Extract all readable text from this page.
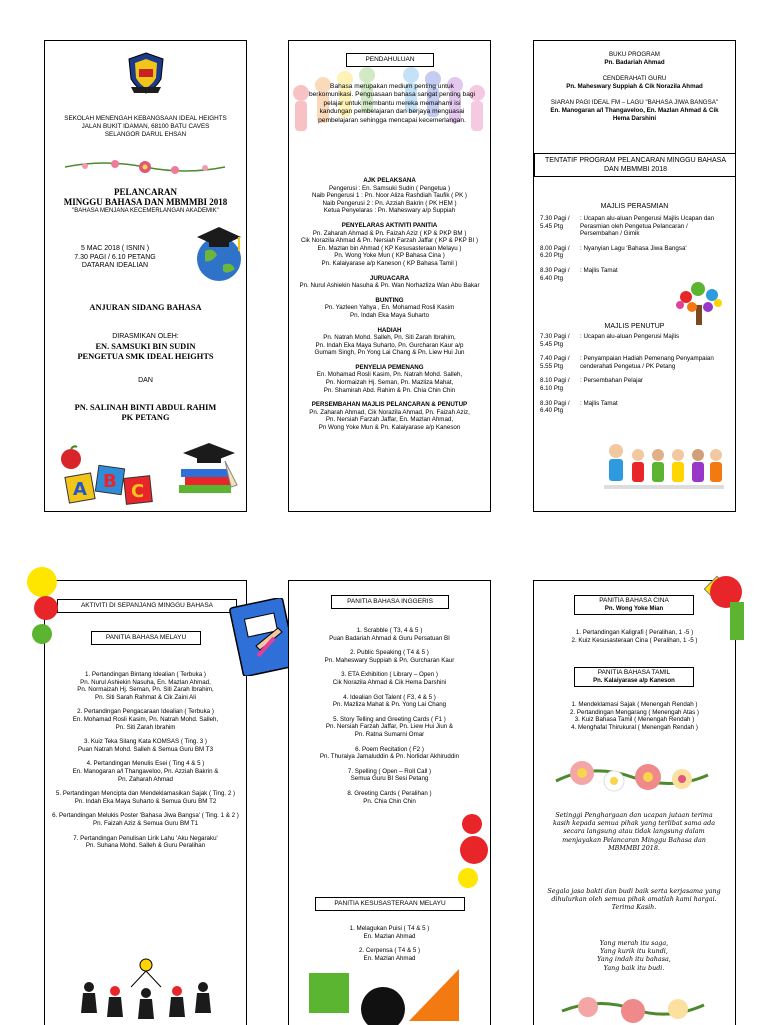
SEKOLAH MENENGAH KEBANGSAAN IDEAL HEIGHTS
JALAN BUKIT IDAMAN, 68100 BATU CAVES
SELANGOR DARUL EHSAN
PELANCARAN
MINGGU BAHASA DAN MBMMBI 2018
"BAHASA MENJANA KECEMERLANGAN AKADEMIK"
5 MAC 2018 ( ISNIN )
7.30 PAGI / 6.10 PETANG
DATARAN IDEALIAN
ANJURAN SIDANG BAHASA
DIRASMIKAN OLEH:
EN. SAMSUKI BIN SUDIN
PENGETUA SMK IDEAL HEIGHTS
DAN
PN. SALINAH BINTI ABDUL RAHIM
PK PETANG
A B C
PENDAHULUAN
Bahasa merupakan medium penting untuk berkomunikasi. Penguasaan bahasa sangat penting bagi pelajar untuk membantu mereka memahami isi kandungan pembelajaran dan berjaya menguasai pembelajaran sehingga mencapai kecemerlangan.
AJK PELAKSANA
Pengerusi : En. Samsuki Sudin ( Pengetua )
Naib Pengerusi 1 : Pn. Noor Aliza Rashdiah Taufik ( PK )
Naib Pengerusi 2 : Pn. Azziah Bakrin ( PK HEM )
Ketua Penyelaras : Pn. Maheswary a/p Suppiah
PENYELARAS AKTIVITI PANITIA
Pn. Zaharah Ahmad & Pn. Faizah Aziz ( KP & PKP BM )
Cik Norazila Ahmad & Pn. Nersiah Farzah Jaffar ( KP & PKP BI )
En. Mazlan bin Ahmad ( KP Kesusasteraan Melayu )
Pn. Wong Yoke Mun ( KP Bahasa Cina )
Pn. Kalaiyarase a/p Kaneson ( KP Bahasa Tamil )
JURUACARA
Pn. Nurul Ashiekin Nasuha & Pn. Wan Norhazliza Wan Abu Bakar
BUNTING
Pn. Yazleen Yahya , En. Mohamad Rosli Kasim
Pn. Indah Eka Maya Suharto
HADIAH
Pn. Natrah Mohd. Salleh, Pn. Siti Zarah Ibrahim,
Pn. Indah Eka Maya Suharto, Pn. Gurcharan Kaur a/p
Gumam Singh, Pn Yong Lai Chang & Pn. Liew Hui Jun
PENYELIA PEMENANG
En. Mohamad Rosli Kasim, Pn. Natrah Mohd. Salleh,
Pn. Normaizah Hj. Seman, Pn. Mazliza Mahat,
Pn. Shamirah Abd. Rahim & Pn. Chia Chin Chin
PERSEMBAHAN MAJLIS PELANCARAN & PENUTUP
Pn. Zaharah Ahmad, Cik Norazila Ahmad, Pn. Faizah Aziz,
Pn. Nersiah Farzah Jaffar, En. Mazlan Ahmad,
Pn Wong Yoke Mun & Pn. Kalaiyarase a/p Kaneson
BUKU PROGRAM
Pn. Badariah Ahmad
CENDERAHATI GURU
Pn. Maheswary Suppiah & Cik Norazila Ahmad
SIARAN PAGI IDEAL FM – LAGU "BAHASA JIWA BANGSA"
En. Manogaran a/l Thangaveloo, En. Mazlan Ahmad & Cik Hema Darshini
TENTATIF PROGRAM PELANCARAN MINGGU BAHASA DAN MBMMBI 2018
MAJLIS PERASMIAN
7.30 Pagi / 5.45 Ptg
: Ucapan alu-aluan Pengerusi Majlis Ucapan dan Perasmian oleh Pengetua Pelancaran / Persembahan / Gimik
8.00 Pagi / 6.20 Ptg
: Nyanyian Lagu 'Bahasa Jiwa Bangsa'
8.30 Pagi / 6.40 Ptg
: Majlis Tamat
MAJLIS PENUTUP
7.30 Pagi / 5.45 Ptg
: Ucapan alu-aluan Pengerusi Majlis
7.40 Pagi / 5.55 Ptg
: Penyampaian Hadiah Pemenang Penyampaian cenderahati Pengetua / PK Petang
8.10 Pagi / 6.10 Ptg
: Persembahan Pelajar
8.30 Pagi / 6.40 Ptg
: Majlis Tamat
AKTIVITI DI SEPANJANG MINGGU BAHASA
PANITIA BAHASA MELAYU
1. Pertandingan Bintang Idealian ( Terbuka )
Pn. Nurul Ashiekin Nasuha, En. Mazlan Ahmad,
Pn. Normaizah Hj. Seman, Pn. Siti Zarah Ibrahim,
Pn. Siti Sarah Rahmat & Cik Zaini Ali
2. Pertandingan Pengacaraan Idealian ( Terbuka )
En. Mohamad Rosli Kasim, Pn. Natrah Mohd. Salleh,
Pn. Siti Zarah Ibrahim
3. Kuiz Teka Silang Kata KOMSAS ( Ting. 3 )
Puan Natrah Mohd. Salleh & Semua Guru BM T3
4. Pertandingan Menulis Esei ( Ting 4 & 5 )
En. Manogaran a/l Thangaveloo, Pn. Azziah Bakrin &
Pn. Zaharah Ahmad
5. Pertandingan Mencipta dan Mendeklamasikan Sajak ( Ting. 2 )
Pn. Indah Eka Maya Suharto & Semua Guru BM T2
6. Pertandingan Melukis Poster 'Bahasa Jiwa Bangsa' ( Ting. 1 & 2 )
Pn. Faizah Aziz & Semua Guru BM T1
7. Pertandingan Penulisan Lirik Lahu 'Aku Negaraku'
Pn. Suhana Mohd. Salleh & Guru Peralihan
PANITIA BAHASA INGGERIS
1. Scrabble ( T3, 4 & 5 )
Puan Badariah Ahmad & Guru Persatuan BI
2. Public Speaking ( T4 & 5 )
Pn. Maheswary Suppiah & Pn. Gurcharan Kaur
3. ETA Exhibition ( Library – Open )
Cik Norazila Ahmad & Cik Hema Darshini
4. Idealian Got Talent ( F3, 4 & 5 )
Pn. Mazliza Mahat & Pn. Yong Lai Chang
5. Story Telling and Greeting Cards ( F1 )
Pn. Nersiah Farzah Jaffar, Pn. Liew Hui Jiun &
Pn. Ratna Sumarni Omar
6. Poem Recitation ( F2 )
Pn. Thuraiya Jamaluddin & Pn. Norlidar Akhiruddin
7. Spelling ( Open – Roll Call )
Semua Guru BI Sesi Petang
8. Greeting Cards ( Peralihan )
Pn. Chia Chin Chin
PANITIA KESUSASTERAAN MELAYU
1. Melagukan Puisi ( T4 & 5 )
En. Mazlan Ahmad
2. Cerpensa ( T4 & 5 )
En. Mazlan Ahmad
PANITIA BAHASA CINA
Pn. Wong Yoke Mian
1. Pertandingan Kaligrafi ( Peralihan, 1 -5 )
2. Kuiz Kesusasteraan Cina ( Peralihan, 1 -5 )
PANITIA BAHASA TAMIL
Pn. Kalaiyarase a/p Kaneson
1. Mendeklamasi Sajak ( Menengah Rendah )
2. Pertandingan Mengarang ( Menengah Atas )
3. Kuiz Bahasa Tamil ( Menengah Rendah )
4. Menghafal Thirukural ( Menengah Rendah )
Setinggi Penghargaan dan ucapan jutaan terima kasih kepada semua pihak yang terlibat sama ada secara langsung atau tidak langsung dalam menjayakan Pelancaran Minggu Bahasa dan MBMMBI 2018.
Segala jasa bakti dan budi baik serta kerjasama yang dihulurkan oleh semua pihak amatlah kami hargai. Terima Kasih.
Yang merah itu saga,
Yang kurik itu kundi,
Yang indah itu bahasa,
Yang baik itu budi.
